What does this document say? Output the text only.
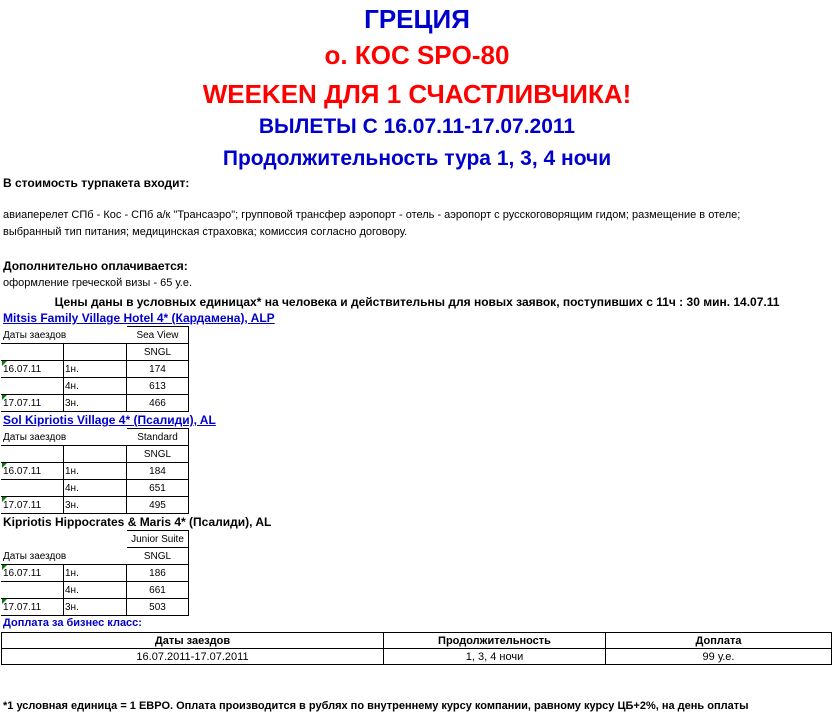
ГРЕЦИЯ
о. КОС SPO-80
WEEKEN ДЛЯ 1 СЧАСТЛИВЧИКА!
ВЫЛЕТЫ С 16.07.11-17.07.2011
Продолжительность тура 1, 3, 4 ночи
В стоимость турпакета входит:
авиаперелет СПб - Кос - СПб а/к "Трансаэро"; групповой трансфер аэропорт - отель - аэропорт с русскоговорящим гидом; размещение в отеле;
выбранный тип питания; медицинская страховка; комиссия согласно договору.
Дополнительно оплачивается:
оформление греческой визы - 65 у.е.
Цены даны в условных единицах* на человека и действительны для новых заявок, поступивших с 11ч : 30 мин. 14.07.11
Mitsis Family Village Hotel 4* (Кардамена), ALP
Даты заездов		Sea View
		SNGL
16.07.11	1н.	174
	4н.	613
17.07.11	3н.	466
Sol Kipriotis Village 4* (Псалиди), AL
Даты заездов		Standard
		SNGL
16.07.11	1н.	184
	4н.	651
17.07.11	3н.	495
Kipriotis Hippocrates & Maris 4* (Псалиди), AL
		Junior Suite
Даты заездов		SNGL
16.07.11	1н.	186
	4н.	661
17.07.11	3н.	503
Доплата за бизнес класс:
Даты заездов	Продолжительность	Доплата
16.07.2011-17.07.2011	1, 3, 4 ночи	99 у.е.
*1 условная единица = 1 ЕВРО. Оплата производится в рублях по внутреннему курсу компании, равному курсу ЦБ+2%, на день оплаты
